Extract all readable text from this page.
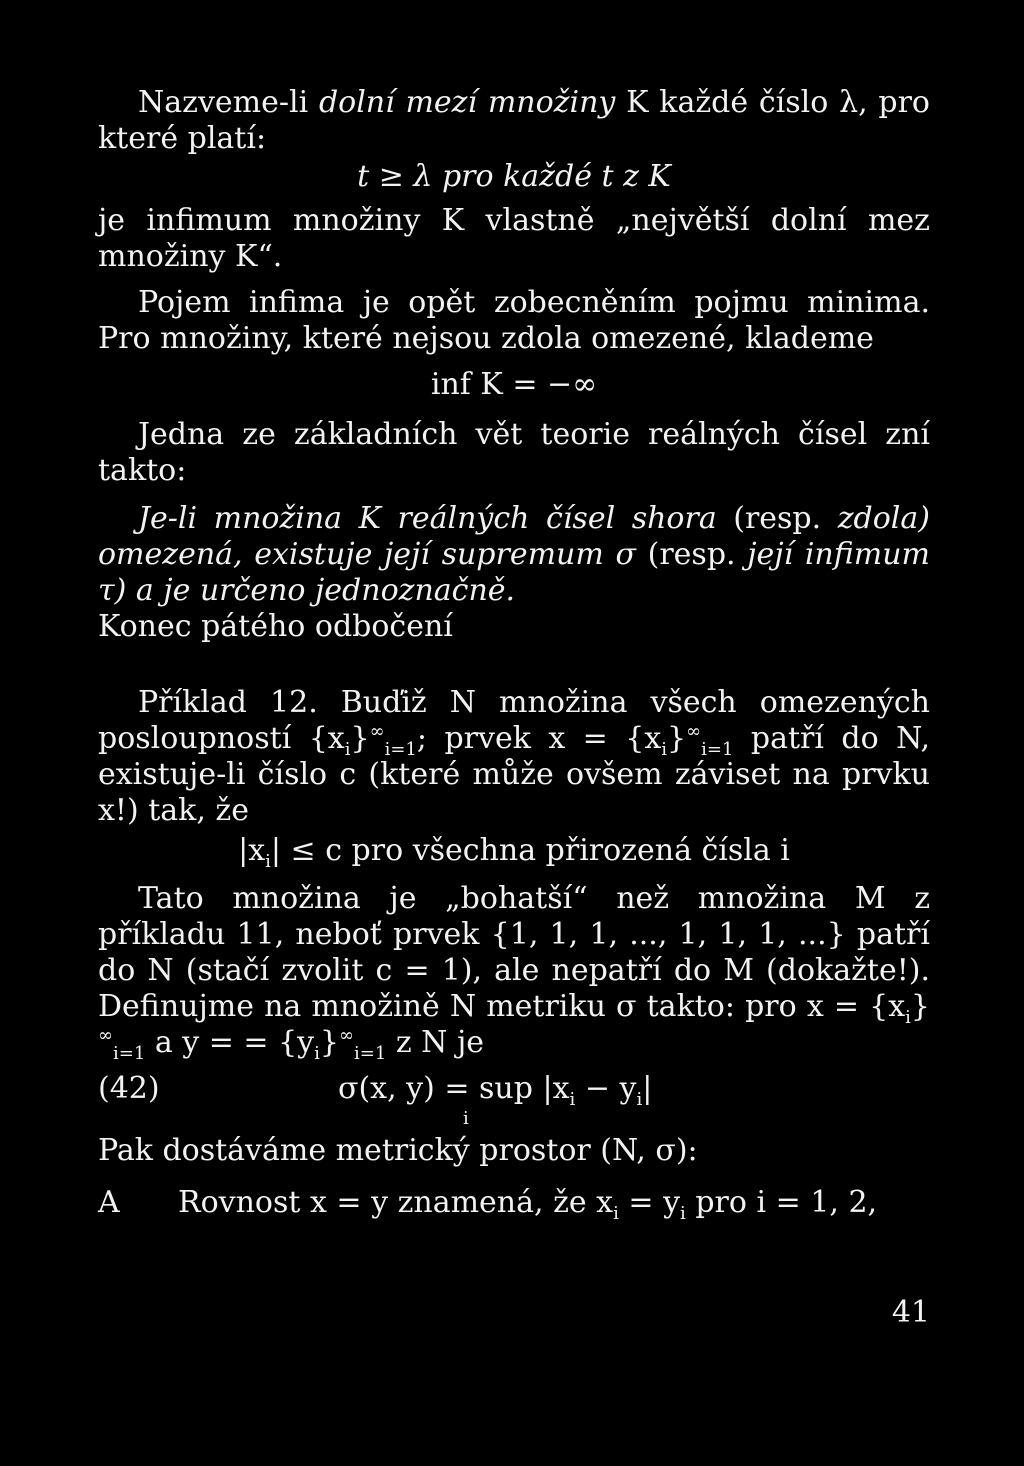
Nazveme-li dolní mezí množiny K každé číslo λ, pro které platí:

t ≥ λ pro každé t z K

je infimum množiny K vlastně „největší dolní mez množiny K“.

Pojem infima je opět zobecněním pojmu minima. Pro množiny, které nejsou zdola omezené, klademe

inf K = −∞

Jedna ze základních vět teorie reálných čísel zní takto:

Je-li množina K reálných čísel shora (resp. zdola) omezená, existuje její supremum σ (resp. její infimum τ) a je určeno jednoznačně.

Konec pátého odbočení

Příklad 12. Buďiž N množina všech omezených posloupností $\{x_i\}^\infty_{i=1}$; prvek $x = \{x_i\}^\infty_{i=1}$ patří do N, existuje-li číslo c (které může ovšem záviset na prvku x!) tak, že

$|x_i| \le c$ pro všechna přirozená čísla i

Tato množina je „bohatší“ než množina M z příkladu 11, neboť prvek {1, 1, 1, ..., 1, 1, 1, ...} patří do N (stačí zvolit c = 1), ale nepatří do M (dokažte!). Definujme na množině N metriku σ takto: pro $x = \{x_i\}^\infty_{i=1}$ a y = = $\{y_i\}^\infty_{i=1}$ z N je

(42)	σ(x, y) = sup $|x_i - y_i|$
i

Pak dostáváme metrický prostor (N, σ):

A Rovnost x = y znamená, že $x_i = y_i$ pro i = 1, 2,

41
